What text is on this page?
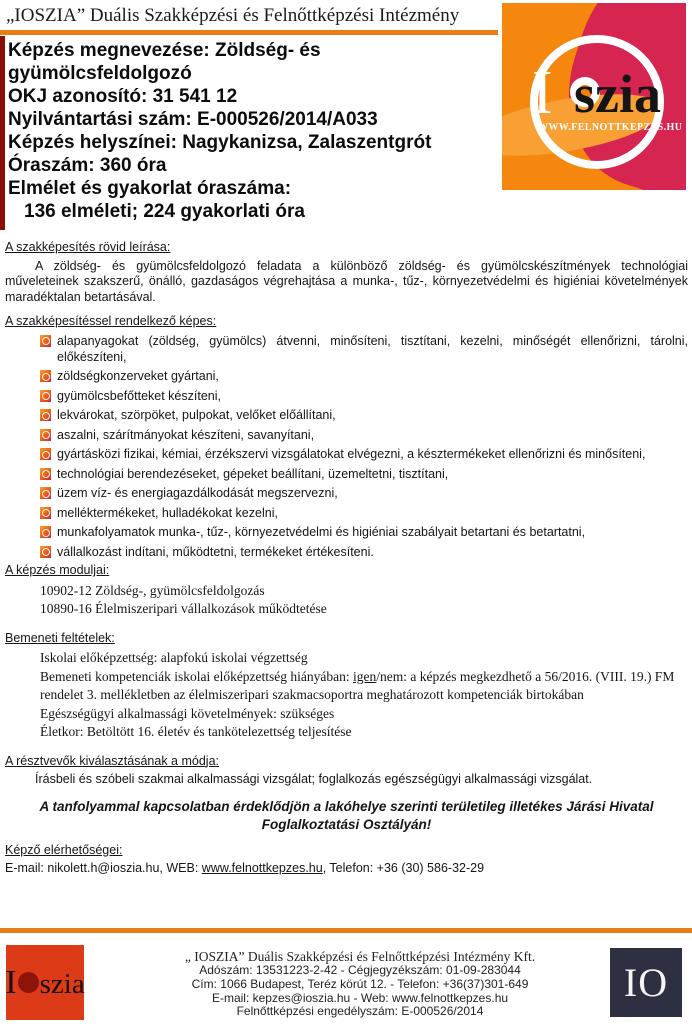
„IOSZIA” Duális Szakképzési és Felnőttképzési Intézmény
I szia
WWW.FELNOTTKEPZES.HU
Képzés megnevezése: Zöldség- és
gyümölcsfeldolgozó
OKJ azonosító: 31 541 12
Nyilvántartási szám: E-000526/2014/A033
Képzés helyszínei: Nagykanizsa, Zalaszentgrót
Óraszám: 360 óra
Elmélet és gyakorlat óraszáma:
136 elméleti; 224 gyakorlati óra
A szakképesítés rövid leírása:

A zöldség- és gyümölcsfeldolgozó feladata a különböző zöldség- és gyümölcskészítmények technológiai műveleteinek szakszerű, önálló, gazdaságos végrehajtása a munka-, tűz-, környezetvédelmi és higiéniai követelmények maradéktalan betartásával.

A szakképesítéssel rendelkező képes:
alapanyagokat (zöldség, gyümölcs) átvenni, minősíteni, tisztítani, kezelni, minőségét ellenőrizni, tárolni, előkészíteni,
zöldségkonzerveket gyártani,
gyümölcsbefőtteket készíteni,
lekvárokat, szörpöket, pulpokat, velőket előállítani,
aszalni, szárítmányokat készíteni, savanyítani,
gyártásközi fizikai, kémiai, érzékszervi vizsgálatokat elvégezni, a késztermékeket ellenőrizni és minősíteni,
technológiai berendezéseket, gépeket beállítani, üzemeltetni, tisztítani,
üzem víz- és energiagazdálkodását megszervezni,
melléktermékeket, hulladékokat kezelni,
munkafolyamatok munka-, tűz-, környezetvédelmi és higiéniai szabályait betartani és betartatni,
vállalkozást indítani, működtetni, termékeket értékesíteni.
A képzés moduljai:
10902-12 Zöldség-, gyümölcsfeldolgozás
10890-16 Élelmiszeripari vállalkozások működtetése
Bemeneti feltételek:
Iskolai előképzettség: alapfokú iskolai végzettség
Bemeneti kompetenciák iskolai előképzettség hiányában: igen/nem: a képzés megkezdhető a 56/2016. (VIII. 19.) FM rendelet 3. mellékletben az élelmiszeripari szakmacsoportra meghatározott kompetenciák birtokában
Egészségügyi alkalmassági követelmények: szükséges
Életkor: Betöltött 16. életév és tankötelezettség teljesítése
A résztvevők kiválasztásának a módja:

Írásbeli és szóbeli szakmai alkalmassági vizsgálat; foglalkozás egészségügyi alkalmassági vizsgálat.

A tanfolyammal kapcsolatban érdeklődjön a lakóhelye szerinti területileg illetékes Járási Hivatal Foglalkoztatási Osztályán!

Képző elérhetőségei:

E-mail: nikolett.h@ioszia.hu, WEB: www.felnottkepzes.hu, Telefon: +36 (30) 586-32-29

I szia

„ IOSZIA” Duális Szakképzési és Felnőttképzési Intézmény Kft.

Adószám: 13531223-2-42 - Cégjegyzékszám: 01-09-283044

Cím: 1066 Budapest, Teréz körút 12. - Telefon: +36(37)301-649

E-mail: kepzes@ioszia.hu - Web: www.felnottkepzes.hu

Felnőttképzési engedélyszám: E-000526/2014

IO
